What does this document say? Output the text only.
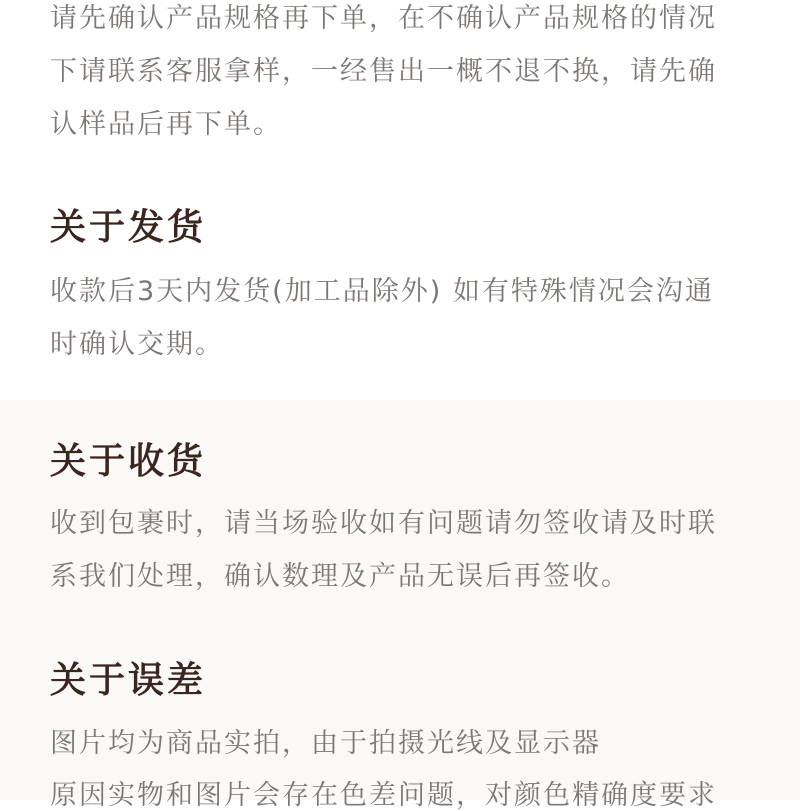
请先确认产品规格再下单，在不确认产品规格的情况
下请联系客服拿样，一经售出一概不退不换，请先确
认样品后再下单。
关于发货
收款后3天内发货(加工品除外) 如有特殊情况会沟通
时确认交期。
关于收货
收到包裹时，请当场验收如有问题请勿签收请及时联
系我们处理，确认数理及产品无误后再签收。
关于误差
图片均为商品实拍，由于拍摄光线及显示器
原因实物和图片会存在色差问题，对颜色精确度要求
